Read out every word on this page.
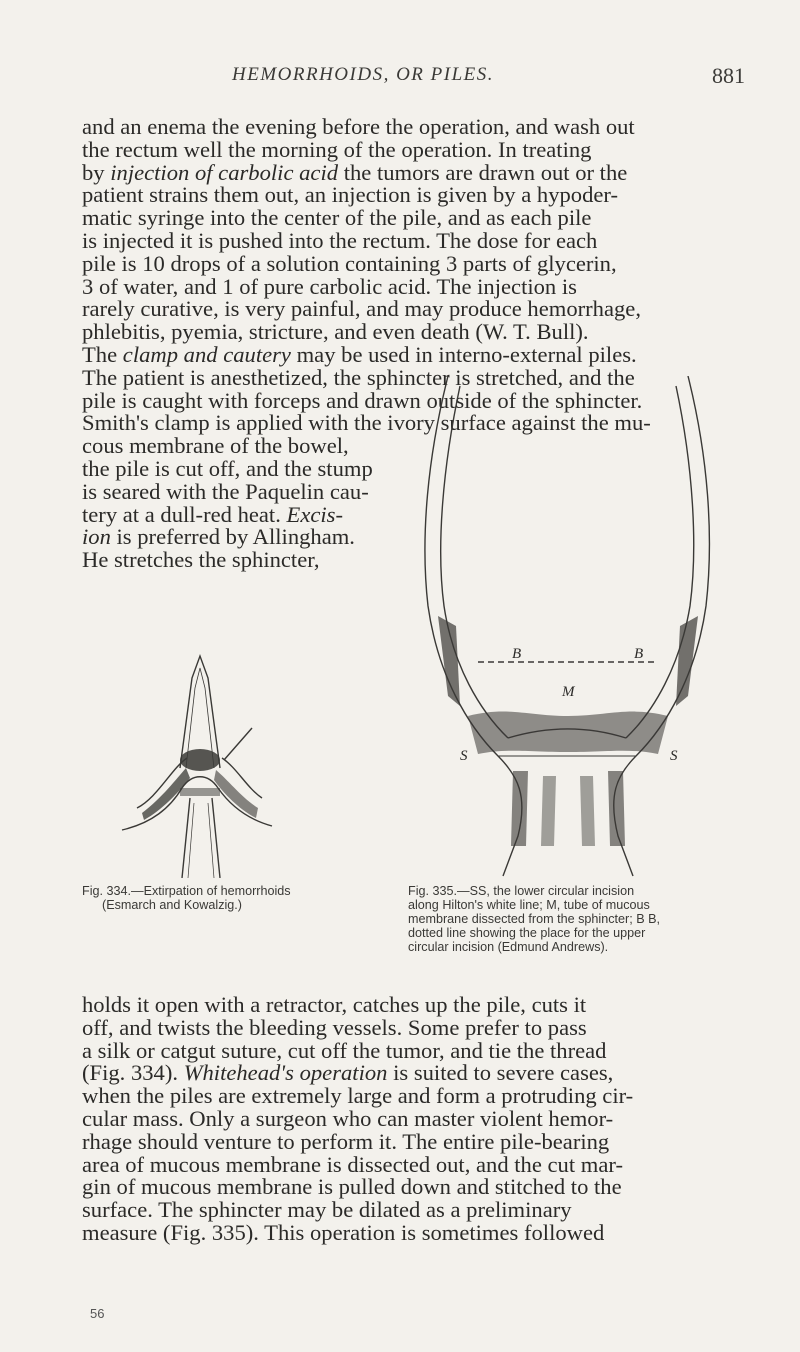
HEMORRHOIDS, OR PILES.	881
and an enema the evening before the operation, and wash out
the rectum well the morning of the operation. In treating
by injection of carbolic acid the tumors are drawn out or the
patient strains them out, an injection is given by a hypoder-
matic syringe into the center of the pile, and as each pile
is injected it is pushed into the rectum. The dose for each
pile is 10 drops of a solution containing 3 parts of glycerin,
3 of water, and 1 of pure carbolic acid. The injection is
rarely curative, is very painful, and may produce hemorrhage,
phlebitis, pyemia, stricture, and even death (W. T. Bull).
The clamp and cautery may be used in interno-external piles.
The patient is anesthetized, the sphincter is stretched, and the
pile is caught with forceps and drawn outside of the sphincter.
Smith's clamp is applied with the ivory surface against the mu-
cous membrane of the bowel,
the pile is cut off, and the stump
is seared with the Paquelin cau-
tery at a dull-red heat. Excis-
ion is preferred by Allingham.
He stretches the sphincter,

Fig. 334.—Extirpation of hemorrhoids
(Esmarch and Kowalzig.)

B	B
M
S	S

Fig. 335.—SS, the lower circular incision
along Hilton's white line; M, tube of mucous
membrane dissected from the sphincter; B B,
dotted line showing the place for the upper
circular incision (Edmund Andrews).

holds it open with a retractor, catches up the pile, cuts it
off, and twists the bleeding vessels. Some prefer to pass
a silk or catgut suture, cut off the tumor, and tie the thread
(Fig. 334). Whitehead's operation is suited to severe cases,
when the piles are extremely large and form a protruding cir-
cular mass. Only a surgeon who can master violent hemor-
rhage should venture to perform it. The entire pile-bearing
area of mucous membrane is dissected out, and the cut mar-
gin of mucous membrane is pulled down and stitched to the
surface. The sphincter may be dilated as a preliminary
measure (Fig. 335). This operation is sometimes followed
56
